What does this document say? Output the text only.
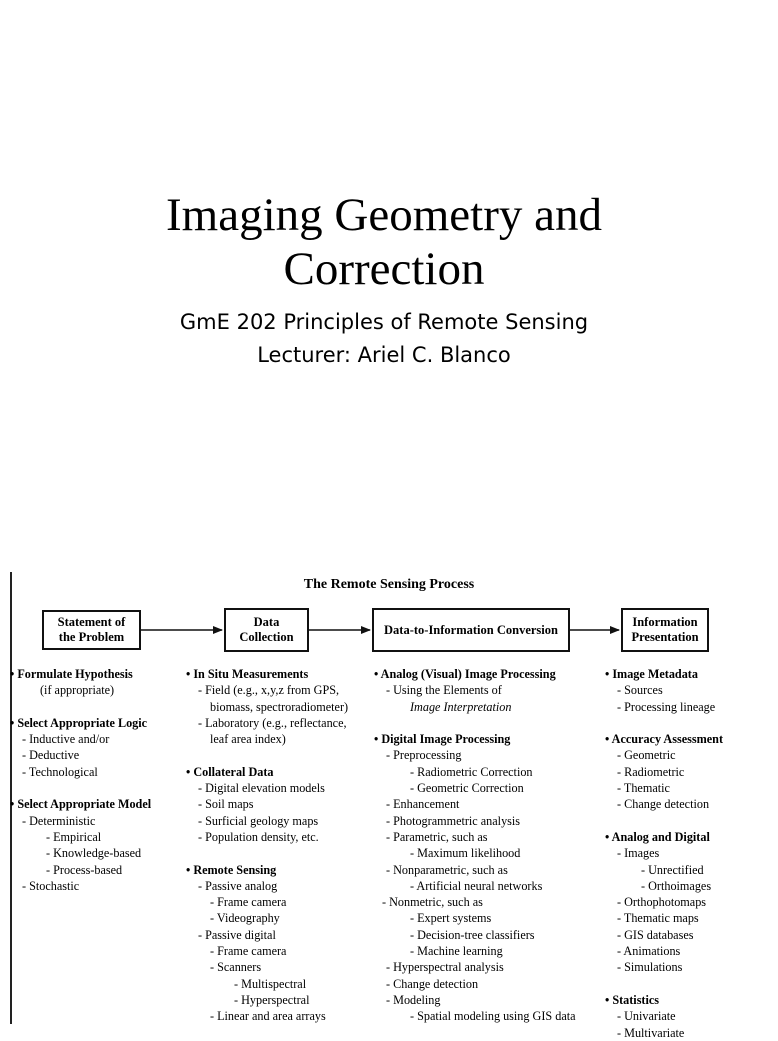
Imaging Geometry and
Correction

GmE 202 Principles of Remote Sensing

Lecturer: Ariel C. Blanco

The Remote Sensing Process
Statement of
the Problem
Data
Collection
Data-to-Information Conversion
Information
Presentation
• Formulate Hypothesis
(if appropriate)
• Select Appropriate Logic
- Inductive and/or
- Deductive
- Technological
• Select Appropriate Model
- Deterministic
- Empirical
- Knowledge-based
- Process-based
- Stochastic
• In Situ Measurements
- Field (e.g., x,y,z from GPS,
biomass, spectroradiometer)
- Laboratory (e.g., reflectance,
leaf area index)
• Collateral Data
- Digital elevation models
- Soil maps
- Surficial geology maps
- Population density, etc.
• Remote Sensing
- Passive analog
- Frame camera
- Videography
- Passive digital
- Frame camera
- Scanners
- Multispectral
- Hyperspectral
- Linear and area arrays
• Analog (Visual) Image Processing
- Using the Elements of
Image Interpretation
• Digital Image Processing
- Preprocessing
- Radiometric Correction
- Geometric Correction
- Enhancement
- Photogrammetric analysis
- Parametric, such as
- Maximum likelihood
- Nonparametric, such as
- Artificial neural networks
- Nonmetric, such as
- Expert systems
- Decision-tree classifiers
- Machine learning
- Hyperspectral analysis
- Change detection
- Modeling
- Spatial modeling using GIS data
• Image Metadata
- Sources
- Processing lineage
• Accuracy Assessment
- Geometric
- Radiometric
- Thematic
- Change detection
• Analog and Digital
- Images
- Unrectified
- Orthoimages
- Orthophotomaps
- Thematic maps
- GIS databases
- Animations
- Simulations
• Statistics
- Univariate
- Multivariate
